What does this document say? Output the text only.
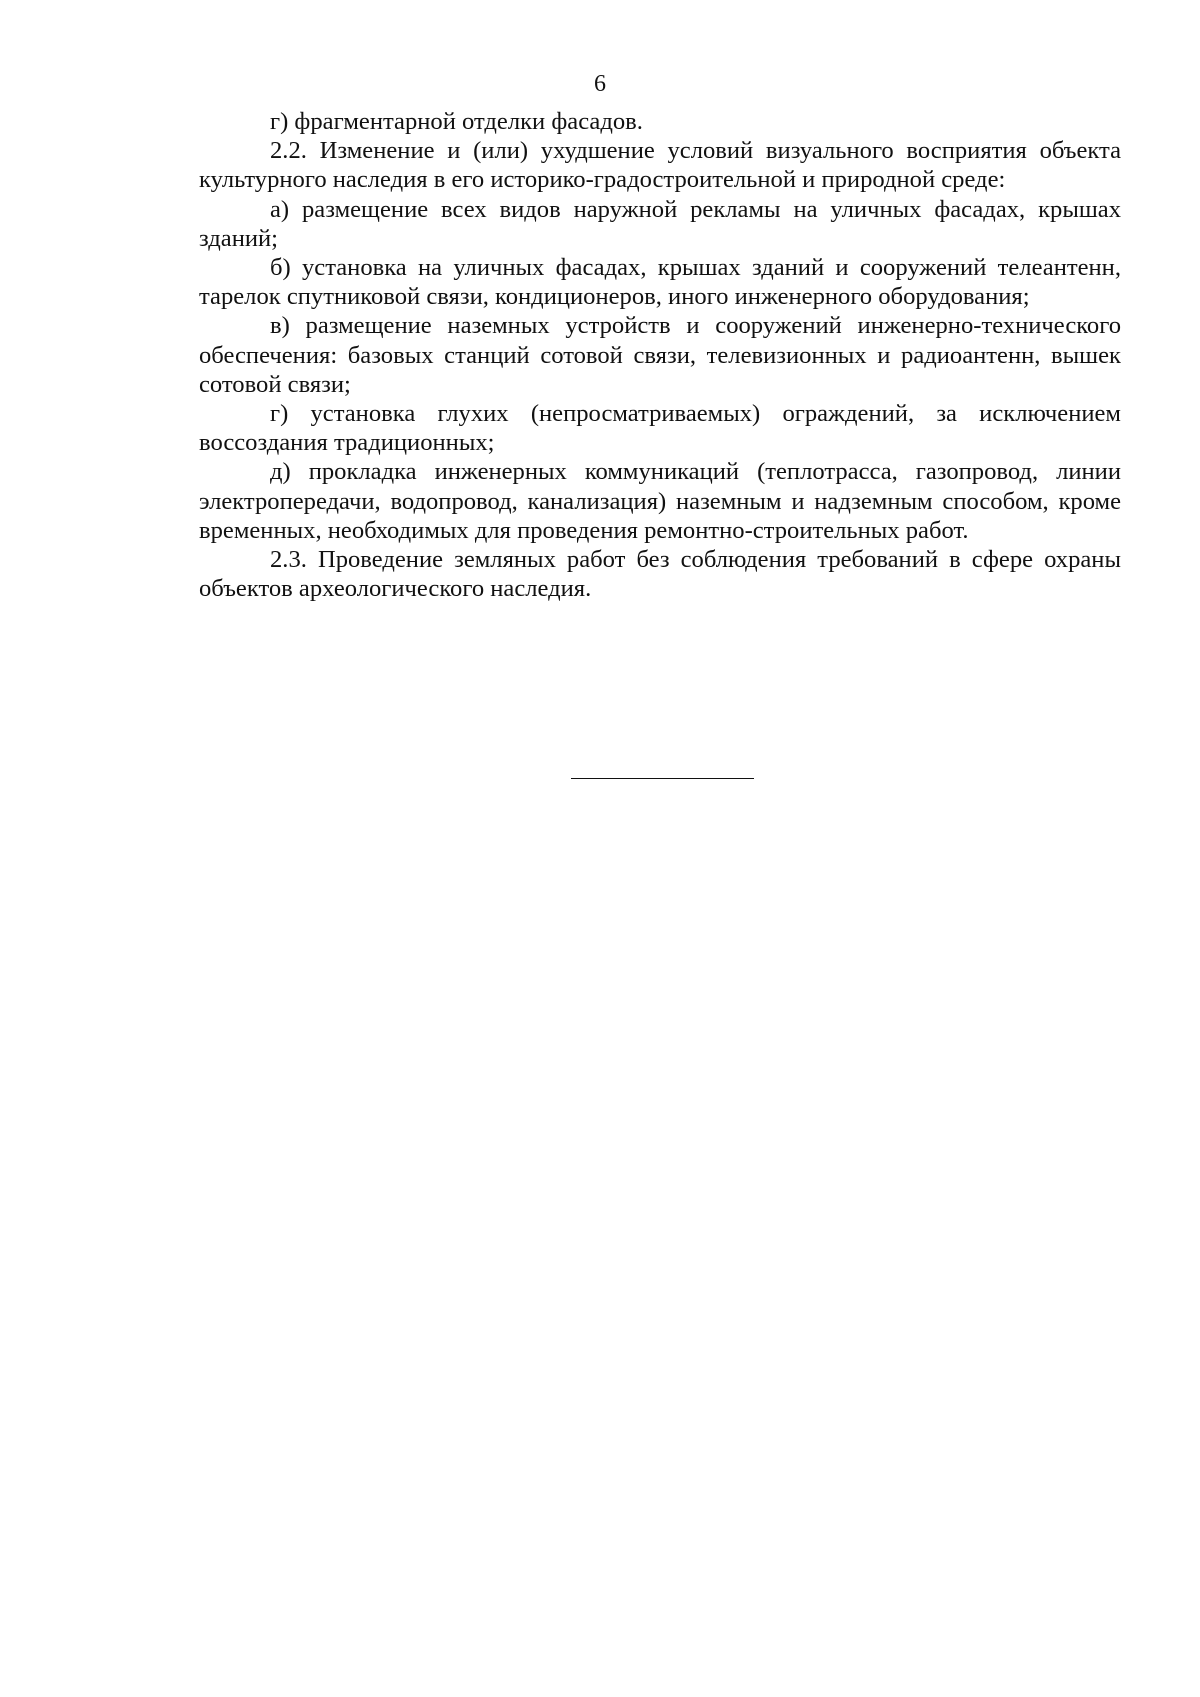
6

г) фрагментарной отделки фасадов.

2.2. Изменение и (или) ухудшение условий визуального восприятия объекта культурного наследия в его историко-градостроительной и природной среде:

а) размещение всех видов наружной рекламы на уличных фасадах, крышах зданий;

б) установка на уличных фасадах, крышах зданий и сооружений телеантенн, тарелок спутниковой связи, кондиционеров, иного инженерного оборудования;

в) размещение наземных устройств и сооружений инженерно-технического обеспечения: базовых станций сотовой связи, телевизионных и радиоантенн, вышек сотовой связи;

г) установка глухих (непросматриваемых) ограждений, за исключением воссоздания традиционных;

д) прокладка инженерных коммуникаций (теплотрасса, газопровод, линии электропередачи, водопровод, канализация) наземным и надземным способом, кроме временных, необходимых для проведения ремонтно-строительных работ.

2.3. Проведение земляных работ без соблюдения требований в сфере охраны объектов археологического наследия.
